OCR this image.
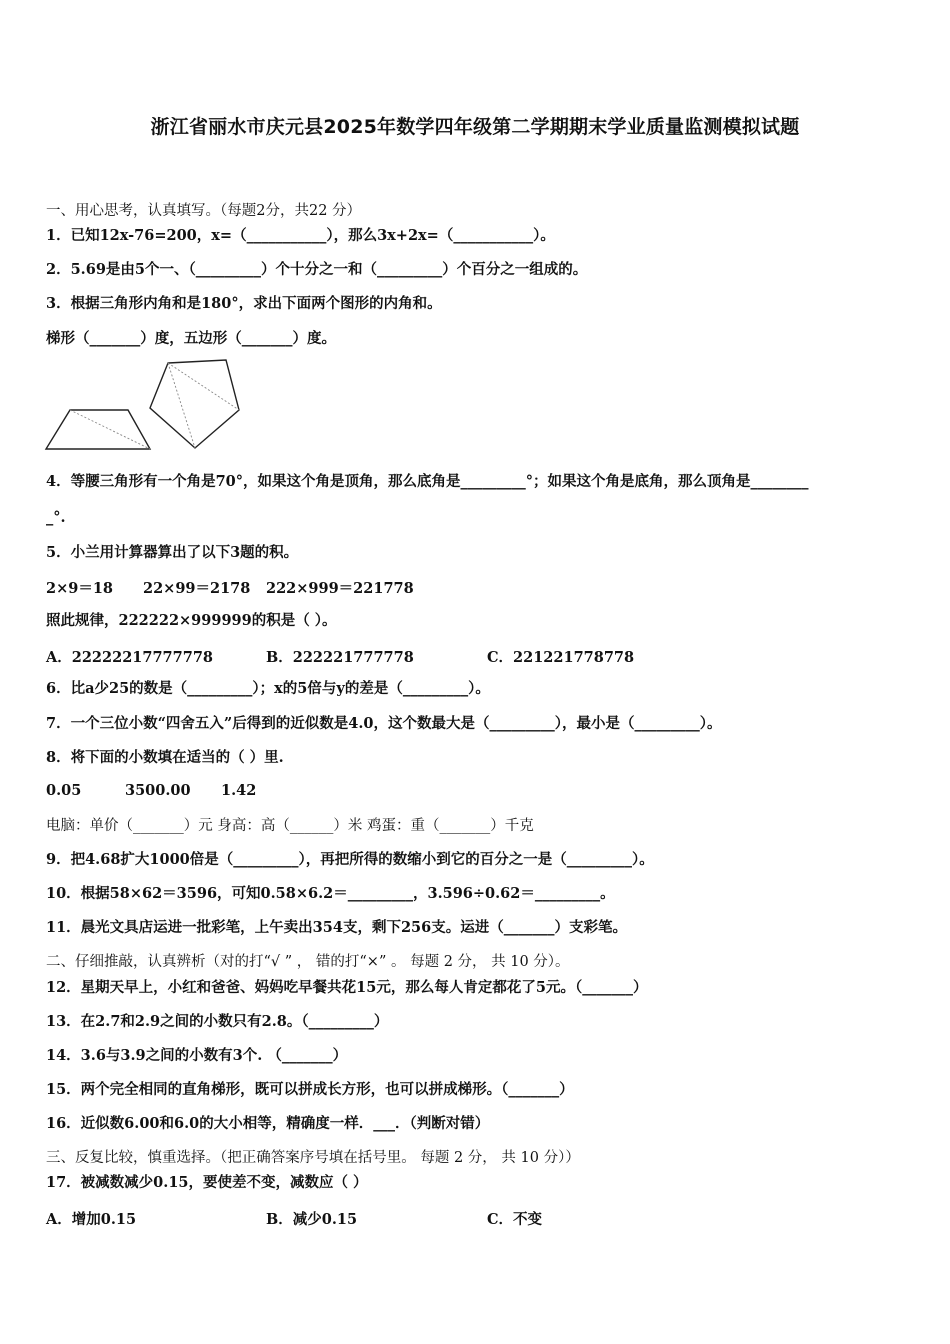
浙江省丽水市庆元县2025年数学四年级第二学期期末学业质量监测模拟试题
一、用心思考，认真填写。（每题2分，共22 分）
1．已知12x-76=200，x=（___________），那么3x+2x=（___________）。
2．5.69是由5个一、（_________）个十分之一和（_________）个百分之一组成的。
3．根据三角形内角和是180°，求出下面两个图形的内角和。
梯形（_______）度，五边形（_______）度。
4．等腰三角形有一个角是70°，如果这个角是顶角，那么底角是_________°；如果这个角是底角，那么顶角是________
_°.
5．小兰用计算器算出了以下3题的积。
2×9＝18 22×99＝2178 222×999＝221778
照此规律，222222×999999的积是（ ）。
A．22222217777778	B．222221777778	C．221221778778
6．比a少25的数是（_________）；x的5倍与y的差是（_________）。
7．一个三位小数“四舍五入”后得到的近似数是4.0，这个数最大是（_________），最小是（_________）。
8．将下面的小数填在适当的（ ）里.
0.05	3500.00 1.42
电脑：单价（_______）元 身高：高（______）米 鸡蛋：重（_______）千克
9．把4.68扩大1000倍是（_________），再把所得的数缩小到它的百分之一是（_________）。
10．根据58×62＝3596，可知0.58×6.2＝_________，3.596÷0.62＝_________。
11．晨光文具店运进一批彩笔，上午卖出354支，剩下256支。运进（_______）支彩笔。
二、仔细推敲，认真辨析（对的打“√ ” ， 错的打“×” 。 每题 2 分， 共 10 分）。
12．星期天早上，小红和爸爸、妈妈吃早餐共花15元，那么每人肯定都花了5元。（_______）
13．在2.7和2.9之间的小数只有2.8。（_________）
14．3.6与3.9之间的小数有3个. （_______）
15．两个完全相同的直角梯形，既可以拼成长方形，也可以拼成梯形。（_______）
16．近似数6.00和6.0的大小相等，精确度一样．___．（判断对错）
三、反复比较，慎重选择。（把正确答案序号填在括号里。 每题 2 分， 共 10 分））
17．被减数减少0.15，要使差不变，减数应（ ）
A．增加0.15	B．减少0.15	C．不变
